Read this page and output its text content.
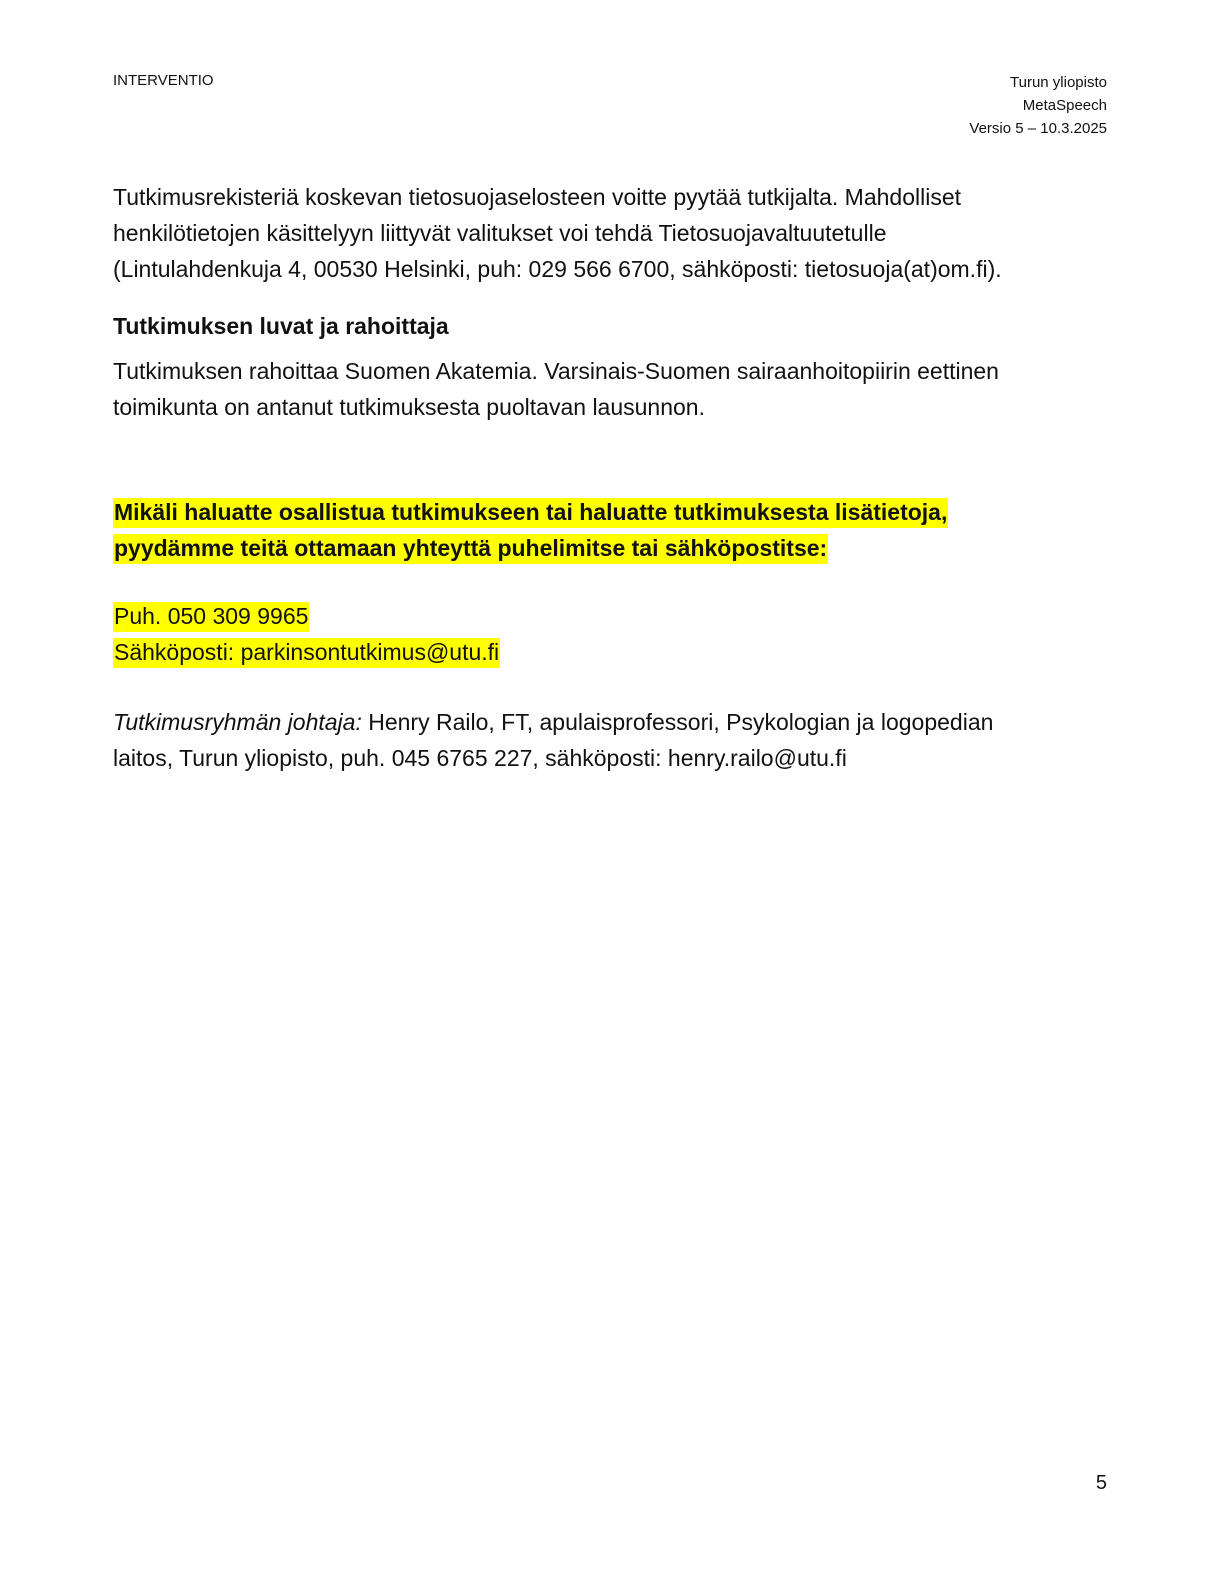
INTERVENTIO	Turun yliopisto
MetaSpeech
Versio 5 – 10.3.2025
Tutkimusrekisteriä koskevan tietosuojaselosteen voitte pyytää tutkijalta. Mahdolliset
henkilötietojen käsittelyyn liittyvät valitukset voi tehdä Tietosuojavaltuutetulle
(Lintulahdenkuja 4, 00530 Helsinki, puh: 029 566 6700, sähköposti: tietosuoja(at)om.fi).
Tutkimuksen luvat ja rahoittaja
Tutkimuksen rahoittaa Suomen Akatemia. Varsinais-Suomen sairaanhoitopiirin eettinen
toimikunta on antanut tutkimuksesta puoltavan lausunnon.
Mikäli haluatte osallistua tutkimukseen tai haluatte tutkimuksesta lisätietoja,
pyydämme teitä ottamaan yhteyttä puhelimitse tai sähköpostitse:
Puh. 050 309 9965
Sähköposti: parkinsontutkimus@utu.fi
Tutkimusryhmän johtaja: Henry Railo, FT, apulaisprofessori, Psykologian ja logopedian
laitos, Turun yliopisto, puh. 045 6765 227, sähköposti: henry.railo@utu.fi
5
